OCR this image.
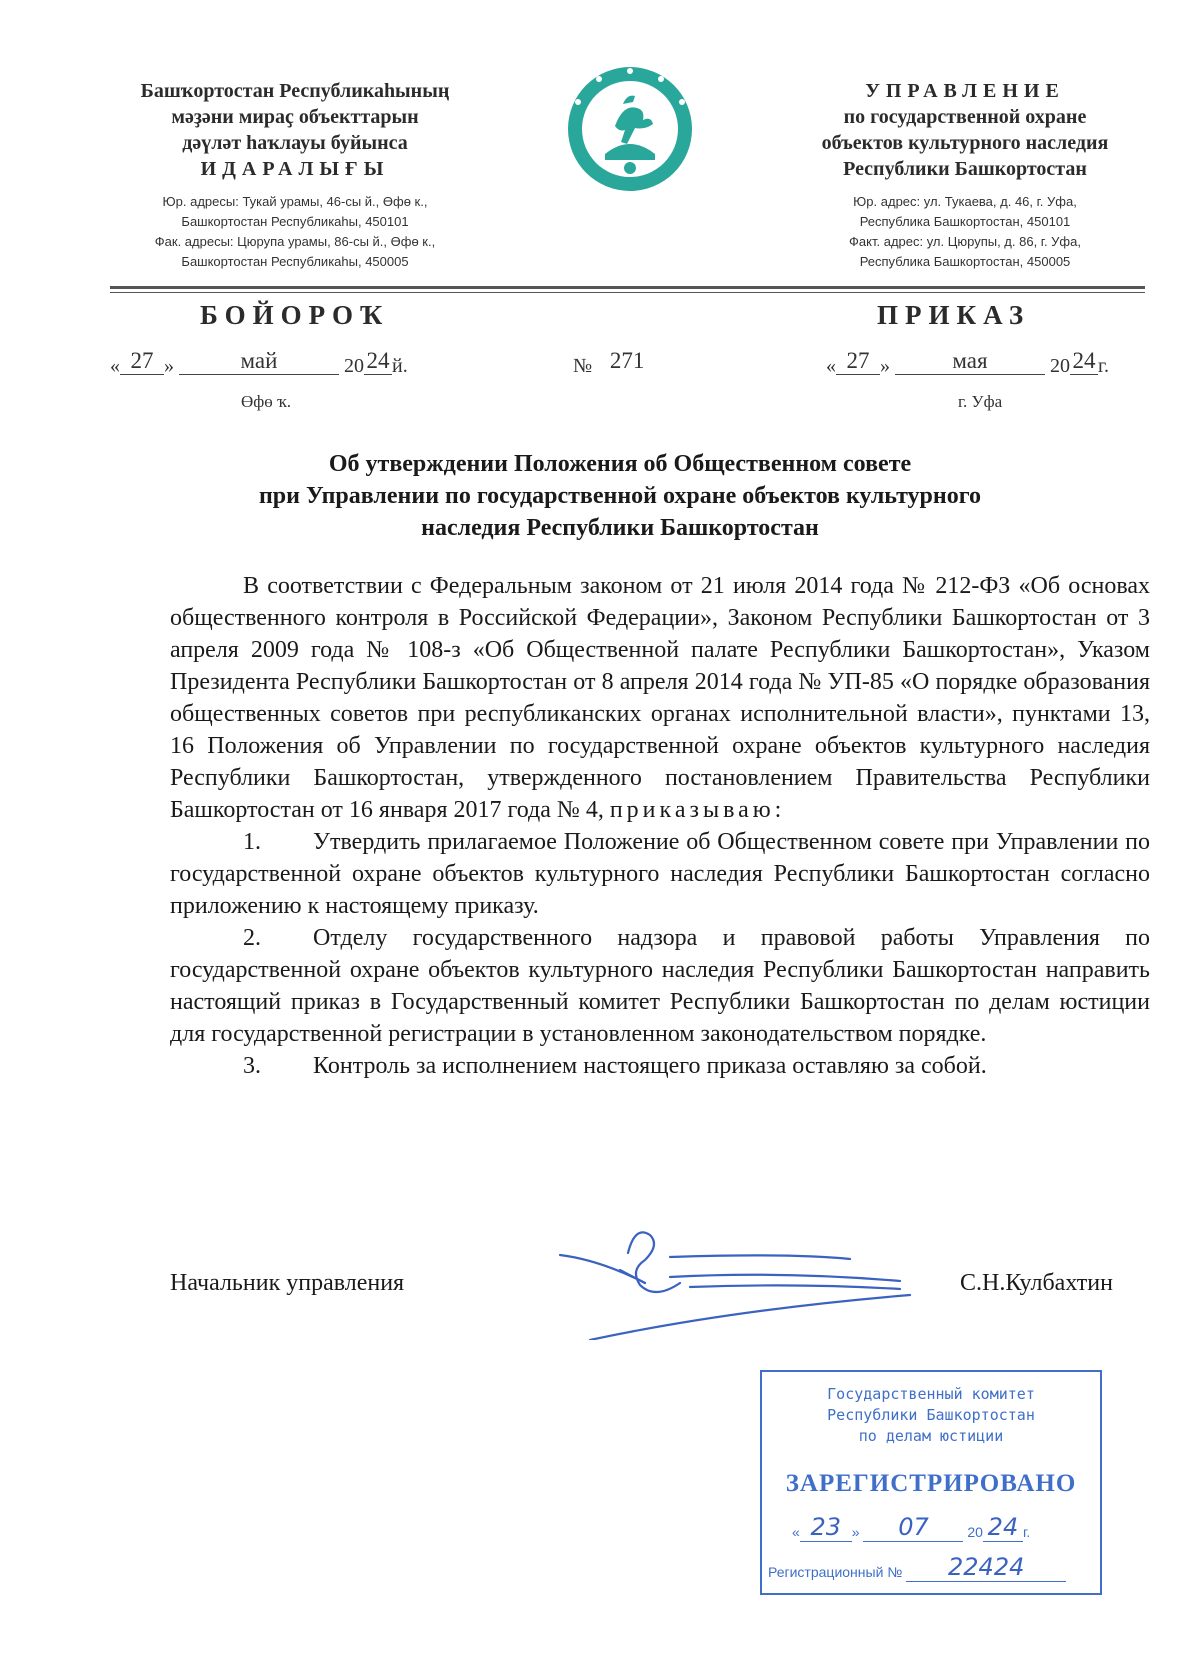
Башҡортостан Республикаһының
мәҙәни мираҫ объекттарын
дәүләт һаҡлауы буйынса
ИДАРАЛЫҒЫ
Юр. адресы: Тукай урамы, 46-сы й., Өфө к.,
Башкортостан Республикаһы, 450101
Фак. адресы: Цюрупа урамы, 86-сы й., Өфө к.,
Башкортостан Республикаһы, 450005
УПРАВЛЕНИЕ
по государственной охране
объектов культурного наследия
Республики Башкортостан
Юр. адрес: ул. Тукаева, д. 46, г. Уфа,
Республика Башкортостан, 450101
Факт. адрес: ул. Цюрупы, д. 86, г. Уфа,
Республика Башкортостан, 450005
БОЙОРОҠ	ПРИКАЗ
« 27 »	май	20 24 й.	№ 271	« 27 »	мая	20 24 г.
Өфө ҡ.	г. Уфа
Об утверждении Положения об Общественном совете
при Управлении по государственной охране объектов культурного
наследия Республики Башкортостан

В соответствии с Федеральным законом от 21 июля 2014 года № 212-ФЗ «Об основах общественного контроля в Российской Федерации», Законом Республики Башкортостан от 3 апреля 2009 года № 108-з «Об Общественной палате Республики Башкортостан», Указом Президента Республики Башкортостан от 8 апреля 2014 года № УП-85 «О порядке образования общественных советов при республиканских органах исполнительной власти», пунктами 13, 16 Положения об Управлении по государственной охране объектов культурного наследия Республики Башкортостан, утвержденного постановлением Правительства Республики Башкортостан от 16 января 2017 года № 4, приказываю:

1. Утвердить прилагаемое Положение об Общественном совете при Управлении по государственной охране объектов культурного наследия Республики Башкортостан согласно приложению к настоящему приказу.

2. Отделу государственного надзора и правовой работы Управления по государственной охране объектов культурного наследия Республики Башкортостан направить настоящий приказ в Государственный комитет Республики Башкортостан по делам юстиции для государственной регистрации в установленном законодательством порядке.

3. Контроль за исполнением настоящего приказа оставляю за собой.

Начальник управления	С.Н.Кулбахтин
Государственный комитет
Республики Башкортостан
по делам юстиции
ЗАРЕГИСТРИРОВАНО
« 23 » 07	20 24 г.
Регистрационный № 22424
